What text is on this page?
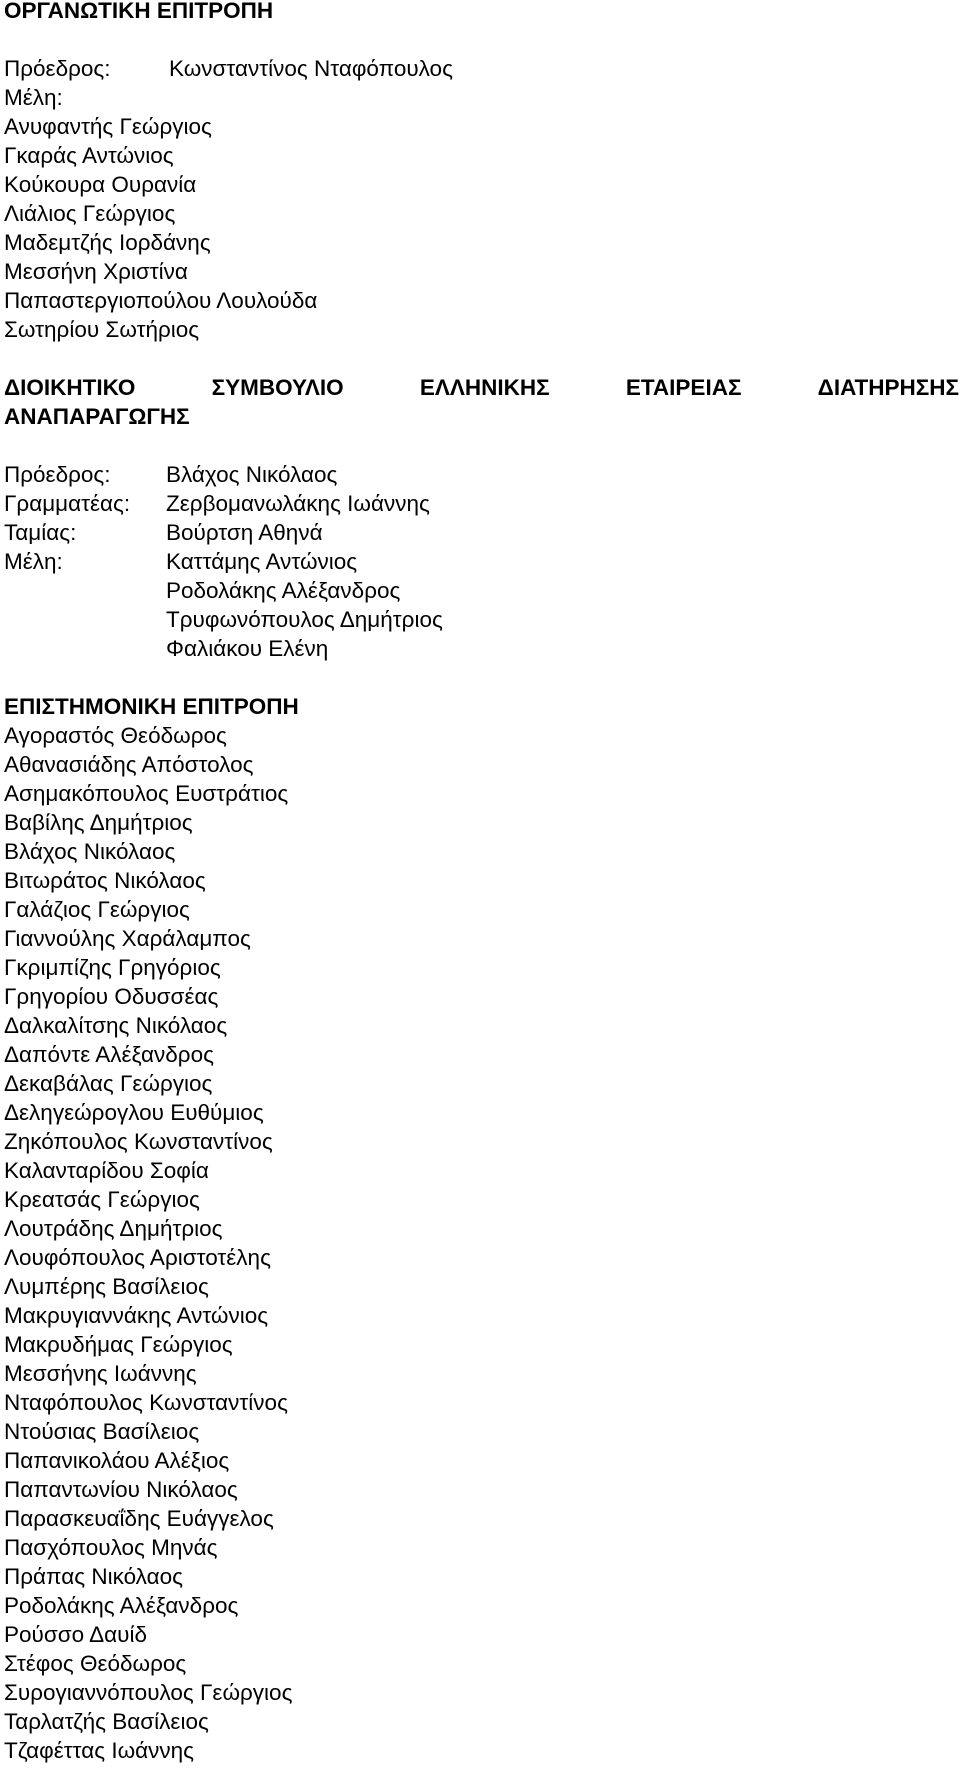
ΟΡΓΑΝΩΤΙΚΗ ΕΠΙΤΡΟΠΗ
Πρόεδρος:	Κωνσταντίνος Νταφόπουλος
Μέλη:
Ανυφαντής Γεώργιος
Γκαράς Αντώνιος
Κούκουρα Ουρανία
Λιάλιος Γεώργιος
Μαδεμτζής Ιορδάνης
Μεσσήνη Χριστίνα
Παπαστεργιοπούλου Λουλούδα
Σωτηρίου Σωτήριος
ΔΙΟΙΚΗΤΙΚΟ	ΣΥΜΒΟΥΛΙΟ	ΕΛΛΗΝΙΚΗΣ	ΕΤΑΙΡΕΙΑΣ	ΔΙΑΤΗΡΗΣΗΣ
ΑΝΑΠΑΡΑΓΩΓΗΣ
Πρόεδρος: Βλάχος Νικόλαος
Γραμματέας: Ζερβομανωλάκης Ιωάννης
Ταμίας:	Βούρτση Αθηνά
Μέλη:	Καττάμης Αντώνιος
Ροδολάκης Αλέξανδρος
Τρυφωνόπουλος Δημήτριος
Φαλιάκου Ελένη
ΕΠΙΣΤΗΜΟΝΙΚΗ ΕΠΙΤΡΟΠΗ
Αγοραστός Θεόδωρος
Αθανασιάδης Απόστολος
Ασημακόπουλος Ευστράτιος
Βαβίλης Δημήτριος
Βλάχος Νικόλαος
Βιτωράτος Νικόλαος
Γαλάζιος Γεώργιος
Γιαννούλης Χαράλαμπος
Γκριμπίζης Γρηγόριος
Γρηγορίου Οδυσσέας
Δαλκαλίτσης Νικόλαος
Δαπόντε Αλέξανδρος
Δεκαβάλας Γεώργιος
Δεληγεώρογλου Ευθύμιος
Ζηκόπουλος Κωνσταντίνος
Καλανταρίδου Σοφία
Κρεατσάς Γεώργιος
Λουτράδης Δημήτριος
Λουφόπουλος Αριστοτέλης
Λυμπέρης Βασίλειος
Μακρυγιαννάκης Αντώνιος
Μακρυδήμας Γεώργιος
Μεσσήνης Ιωάννης
Νταφόπουλος Κωνσταντίνος
Ντούσιας Βασίλειος
Παπανικολάου Αλέξιος
Παπαντωνίου Νικόλαος
Παρασκευαΐδης Ευάγγελος
Πασχόπουλος Μηνάς
Πράπας Νικόλαος
Ροδολάκης Αλέξανδρος
Ρούσσο Δαυίδ
Στέφος Θεόδωρος
Συρογιαννόπουλος Γεώργιος
Ταρλατζής Βασίλειος
Τζαφέττας Ιωάννης
